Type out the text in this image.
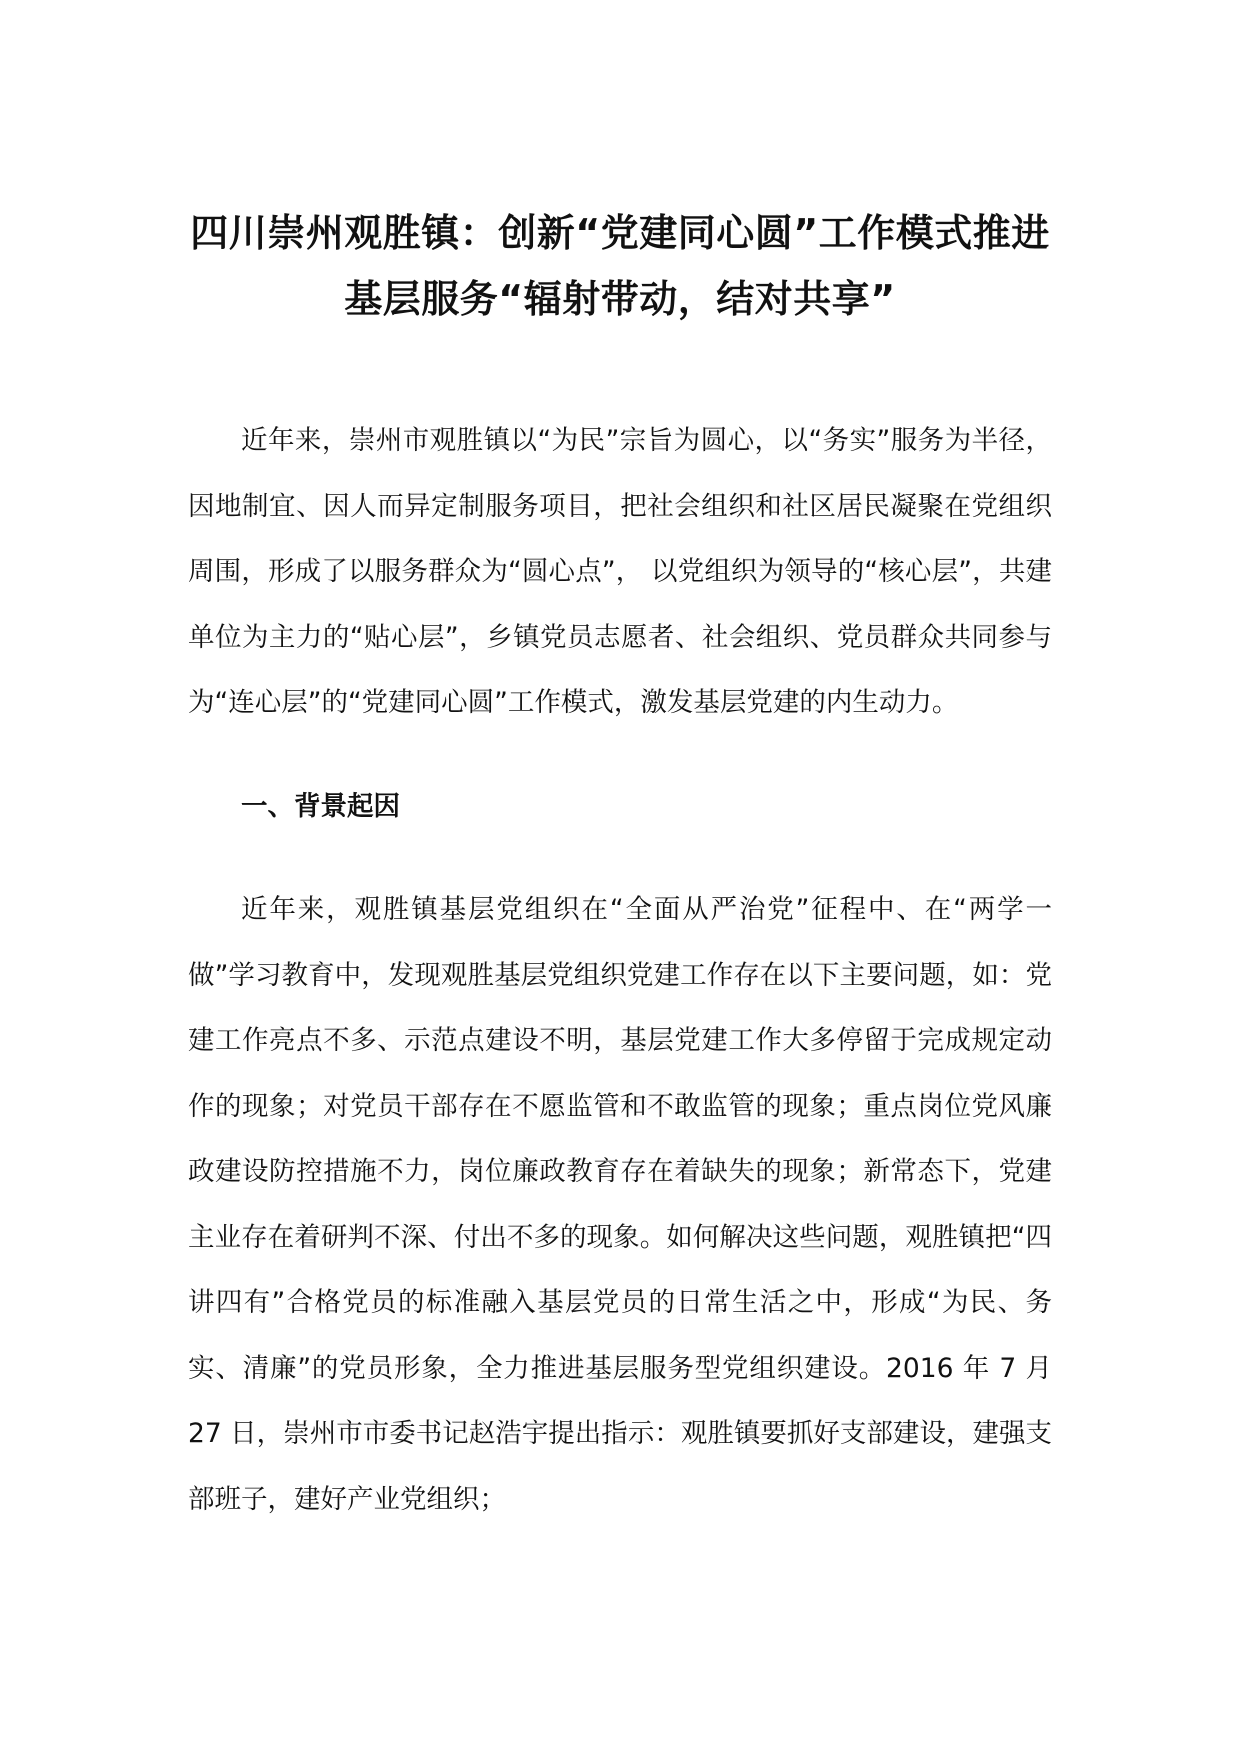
四川崇州观胜镇：创新“党建同心圆”工作模式推进
基层服务“辐射带动，结对共享”

近年来，崇州市观胜镇以“为民”宗旨为圆心，以“务实”服务为半径，因地制宜、因人而异定制服务项目，把社会组织和社区居民凝聚在党组织周围，形成了以服务群众为“圆心点”， 以党组织为领导的“核心层”，共建单位为主力的“贴心层”，乡镇党员志愿者、社会组织、党员群众共同参与为“连心层”的“党建同心圆”工作模式，激发基层党建的内生动力。

一、背景起因

近年来，观胜镇基层党组织在“全面从严治党”征程中、在“两学一做”学习教育中，发现观胜基层党组织党建工作存在以下主要问题，如：党建工作亮点不多、示范点建设不明，基层党建工作大多停留于完成规定动作的现象；对党员干部存在不愿监管和不敢监管的现象；重点岗位党风廉政建设防控措施不力，岗位廉政教育存在着缺失的现象；新常态下，党建主业存在着研判不深、付出不多的现象。如何解决这些问题，观胜镇把“四讲四有”合格党员的标准融入基层党员的日常生活之中，形成“为民、务实、清廉”的党员形象，全力推进基层服务型党组织建设。2016 年 7 月 27 日，崇州市市委书记赵浩宇提出指示：观胜镇要抓好支部建设，建强支部班子，建好产业党组织；
